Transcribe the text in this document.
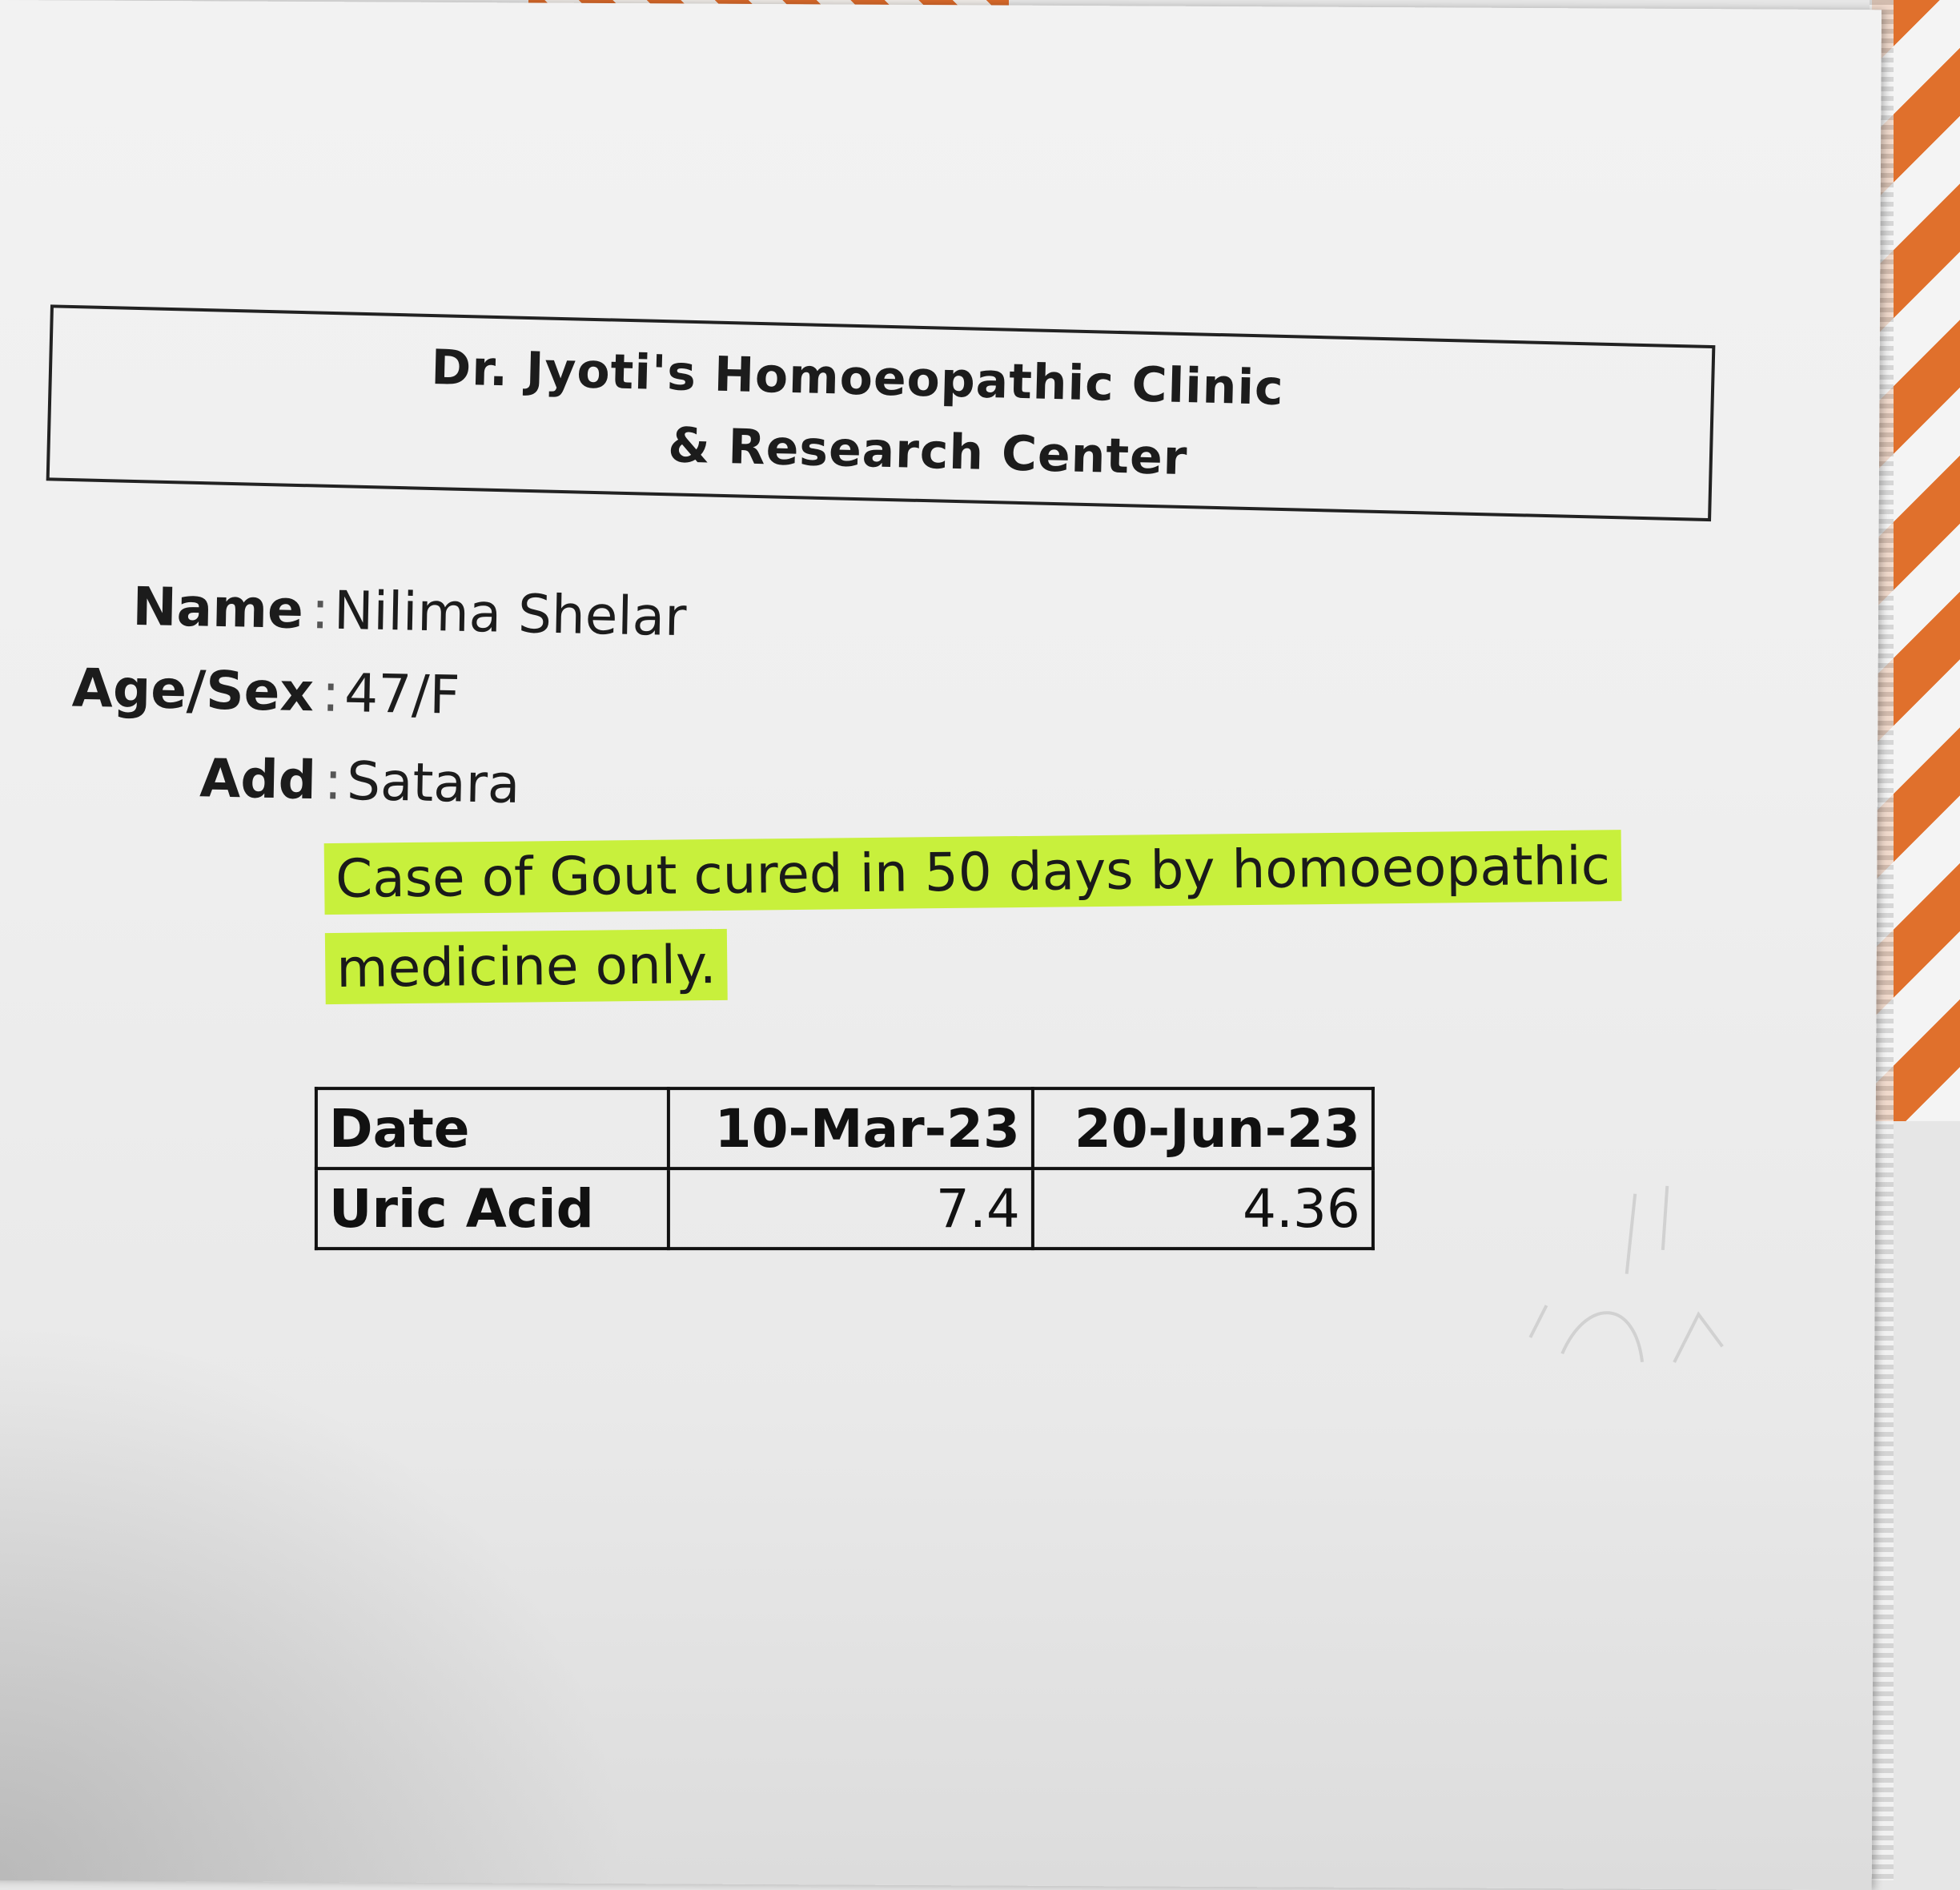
Dr. Jyoti's Homoeopathic Clinic
& Research Center
Name :Nilima Shelar
Age/Sex :47/F
Add :Satara
Case of Gout cured in 50 days by homoeopathic medicine only.
Date	10-Mar-23	20-Jun-23
Uric Acid	7.4	4.36
